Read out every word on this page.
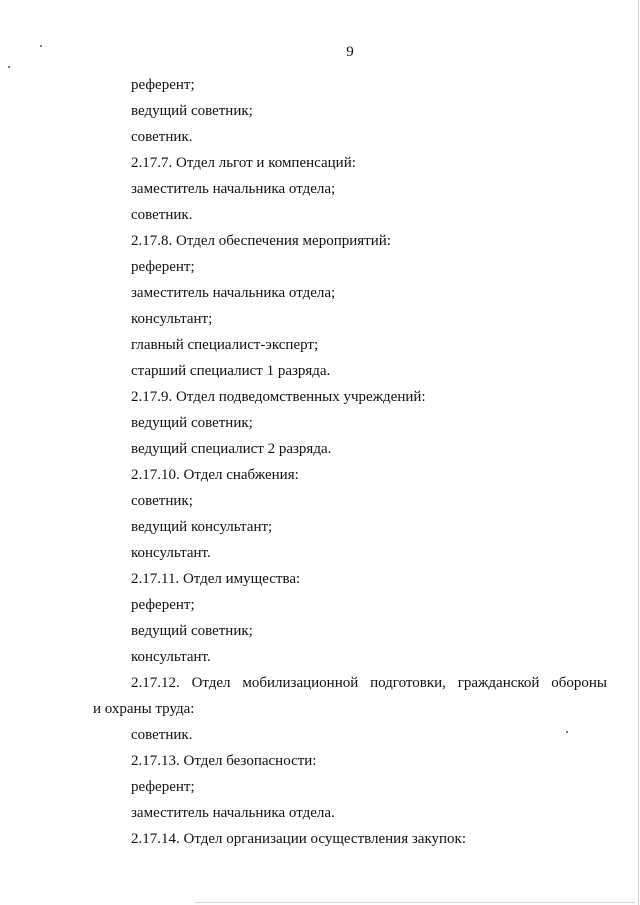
9
референт;
ведущий советник;
советник.
2.17.7. Отдел льгот и компенсаций:
заместитель начальника отдела;
советник.
2.17.8. Отдел обеспечения мероприятий:
референт;
заместитель начальника отдела;
консультант;
главный специалист-эксперт;
старший специалист 1 разряда.
2.17.9. Отдел подведомственных учреждений:
ведущий советник;
ведущий специалист 2 разряда.
2.17.10. Отдел снабжения:
советник;
ведущий консультант;
консультант.
2.17.11. Отдел имущества:
референт;
ведущий советник;
консультант.
2.17.12. Отдел мобилизационной подготовки, гражданской обороны
и охраны труда:
советник.
2.17.13. Отдел безопасности:
референт;
заместитель начальника отдела.
2.17.14. Отдел организации осуществления закупок:
